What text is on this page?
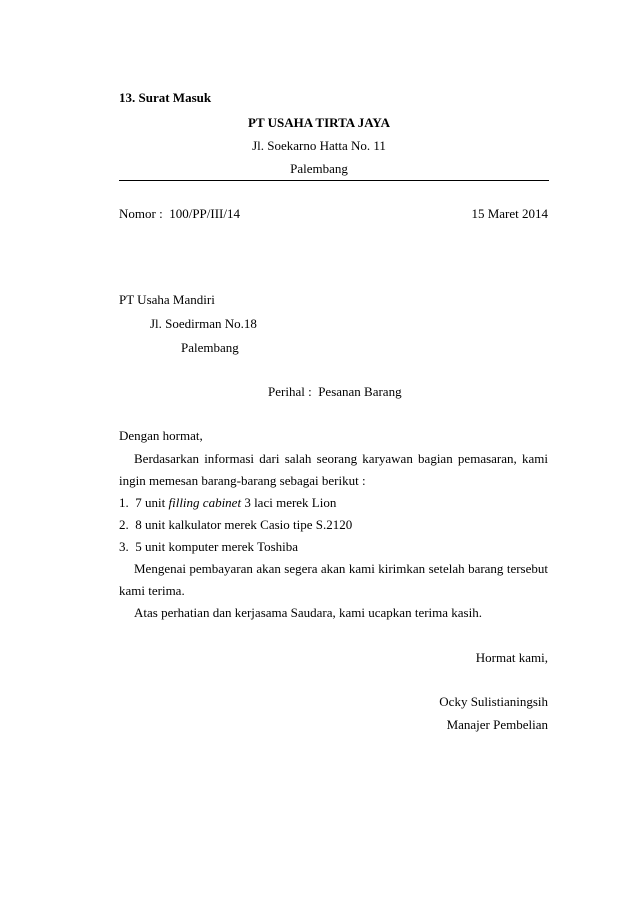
13. Surat Masuk
PT USAHA TIRTA JAYA
Jl. Soekarno Hatta No. 11
Palembang
Nomor : 100/PP/III/14	15 Maret 2014
PT Usaha Mandiri
Jl. Soedirman No.18
Palembang
Perihal : Pesanan Barang
Dengan hormat,
Berdasarkan informasi dari salah seorang karyawan bagian pemasaran, kami
ingin memesan barang-barang sebagai berikut :
1. 7 unit filling cabinet 3 laci merek Lion
2. 8 unit kalkulator merek Casio tipe S.2120
3. 5 unit komputer merek Toshiba
Mengenai pembayaran akan segera akan kami kirimkan setelah barang tersebut
kami terima.
Atas perhatian dan kerjasama Saudara, kami ucapkan terima kasih.
Hormat kami,
Ocky Sulistianingsih
Manajer Pembelian
